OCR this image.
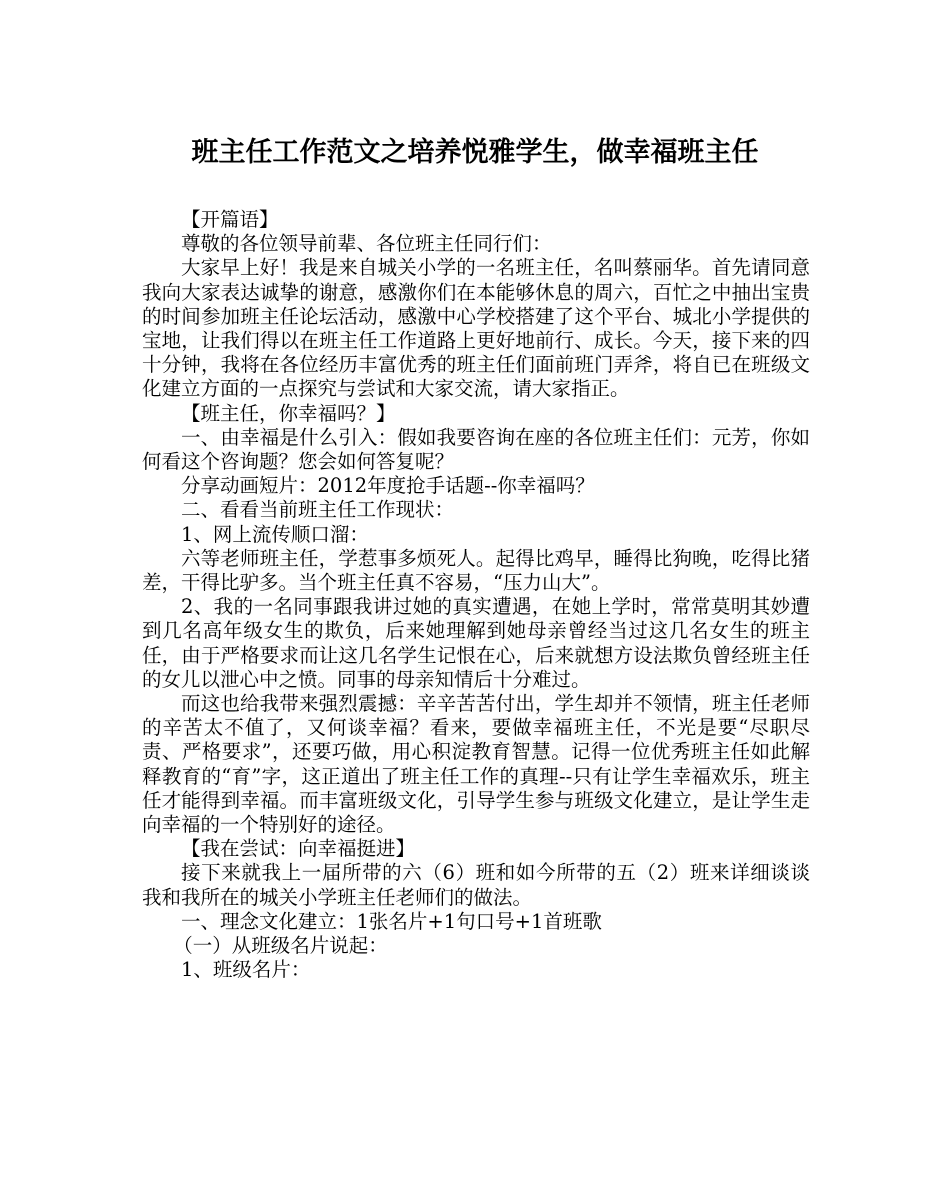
班主任工作范文之培养悦雅学生，做幸福班主任

【开篇语】

尊敬的各位领导前辈、各位班主任同行们：

大家早上好！我是来自城关小学的一名班主任，名叫蔡丽华。首先请同意我向大家表达诚挚的谢意，感激你们在本能够休息的周六，百忙之中抽出宝贵的时间参加班主任论坛活动，感激中心学校搭建了这个平台、城北小学提供的宝地，让我们得以在班主任工作道路上更好地前行、成长。今天，接下来的四十分钟，我将在各位经历丰富优秀的班主任们面前班门弄斧，将自已在班级文化建立方面的一点探究与尝试和大家交流，请大家指正。

【班主任，你幸福吗？】

一、由幸福是什么引入：假如我要咨询在座的各位班主任们：元芳，你如何看这个咨询题？您会如何答复呢？

分享动画短片：2012年度抢手话题--你幸福吗？

二、看看当前班主任工作现状：

1、网上流传顺口溜：

六等老师班主任，学惹事多烦死人。起得比鸡早，睡得比狗晚，吃得比猪差，干得比驴多。当个班主任真不容易，“压力山大”。

2、我的一名同事跟我讲过她的真实遭遇，在她上学时，常常莫明其妙遭到几名高年级女生的欺负，后来她理解到她母亲曾经当过这几名女生的班主任，由于严格要求而让这几名学生记恨在心，后来就想方设法欺负曾经班主任的女儿以泄心中之愤。同事的母亲知情后十分难过。

而这也给我带来强烈震撼：辛辛苦苦付出，学生却并不领情，班主任老师的辛苦太不值了，又何谈幸福？看来，要做幸福班主任，不光是要“尽职尽责、严格要求”，还要巧做，用心积淀教育智慧。记得一位优秀班主任如此解释教育的“育”字，这正道出了班主任工作的真理--只有让学生幸福欢乐，班主任才能得到幸福。而丰富班级文化，引导学生参与班级文化建立，是让学生走向幸福的一个特别好的途径。

【我在尝试：向幸福挺进】

接下来就我上一届所带的六（6）班和如今所带的五（2）班来详细谈谈我和我所在的城关小学班主任老师们的做法。

一、理念文化建立：1张名片+1句口号+1首班歌

（一）从班级名片说起：

1、班级名片：
